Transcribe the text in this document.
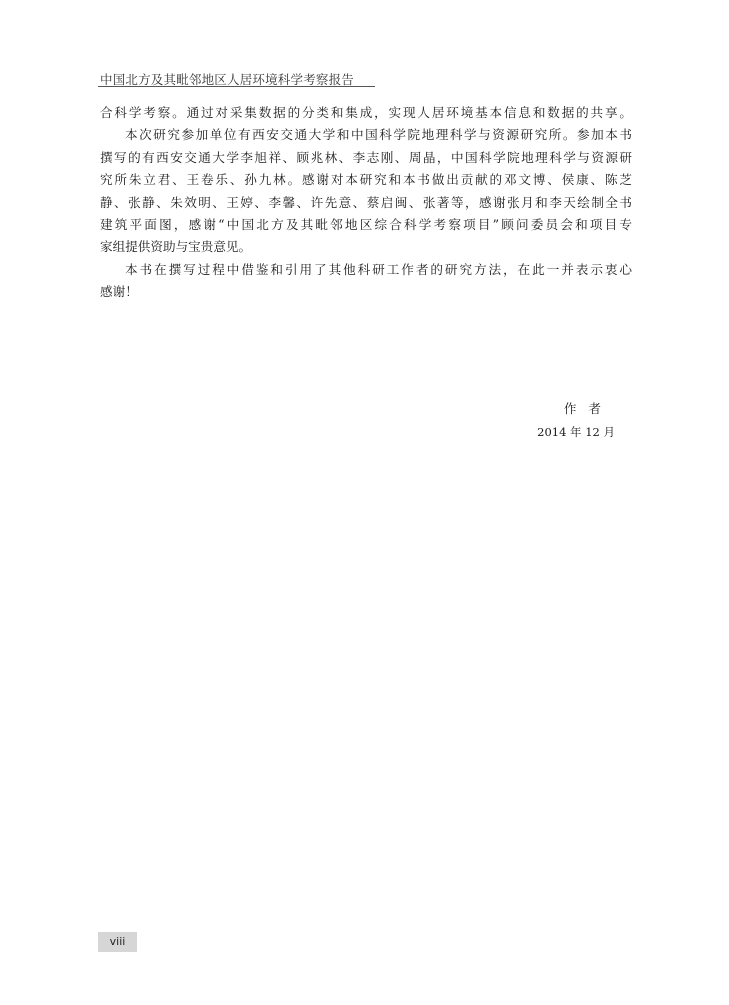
中国北方及其毗邻地区人居环境科学考察报告
合科学考察。通过对采集数据的分类和集成，实现人居环境基本信息和数据的共享。
本次研究参加单位有西安交通大学和中国科学院地理科学与资源研究所。参加本书
撰写的有西安交通大学李旭祥、顾兆林、李志刚、周晶，中国科学院地理科学与资源研
究所朱立君、王卷乐、孙九林。感谢对本研究和本书做出贡献的邓文博、侯康、陈芝
静、张静、朱效明、王婷、李馨、许先意、蔡启闽、张著等，感谢张月和李天绘制全书
建筑平面图，感谢“中国北方及其毗邻地区综合科学考察项目”顾问委员会和项目专
家组提供资助与宝贵意见。
本书在撰写过程中借鉴和引用了其他科研工作者的研究方法，在此一并表示衷心
感谢！
作者
2014 年 12 月
viii
